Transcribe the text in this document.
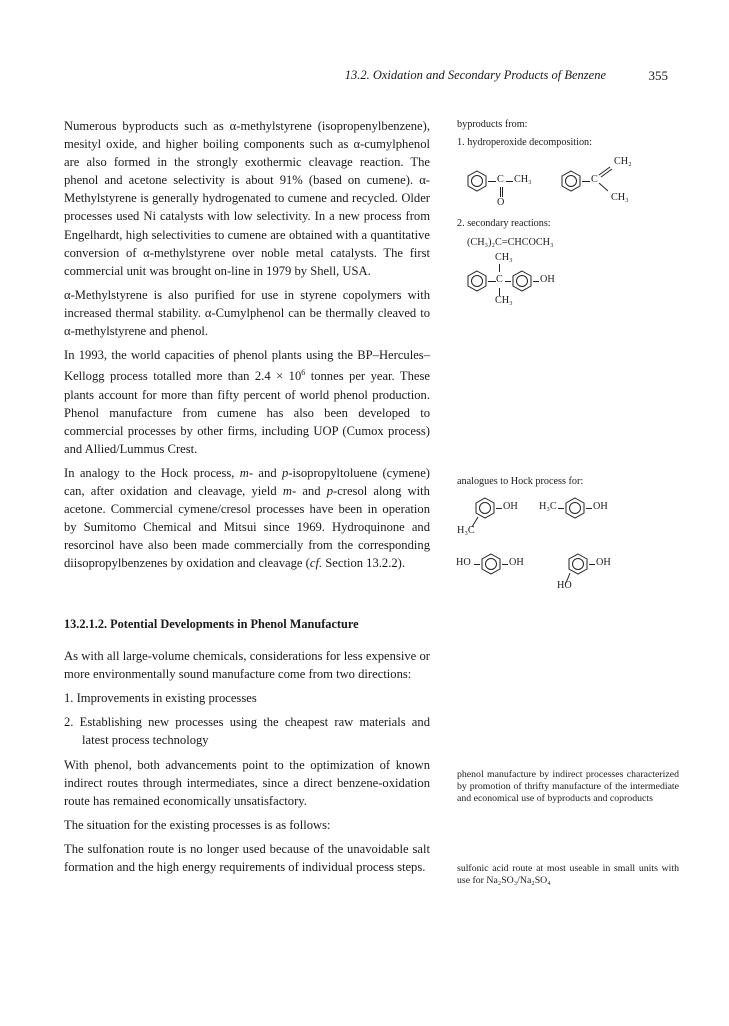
13.2. Oxidation and Secondary Products of Benzene	355

Numerous byproducts such as α-methylstyrene (isopropenylbenzene), mesityl oxide, and higher boiling components such as α-cumylphenol are also formed in the strongly exothermic cleavage reaction. The phenol and acetone selectivity is about 91% (based on cumene). α-Methylstyrene is generally hydrogenated to cumene and recycled. Older processes used Ni catalysts with low selectivity. In a new process from Engelhardt, high selectivities to cumene are obtained with a quantitative conversion of α-methylstyrene over noble metal catalysts. The first commercial unit was brought on-line in 1979 by Shell, USA.

α-Methylstyrene is also purified for use in styrene copolymers with increased thermal stability. α-Cumylphenol can be thermally cleaved to α-methylstyrene and phenol.

In 1993, the world capacities of phenol plants using the BP–Hercules–Kellogg process totalled more than $2.4 \times 10^6$ tonnes per year. These plants account for more than fifty percent of world phenol production. Phenol manufacture from cumene has also been developed to commercial processes by other firms, including UOP (Cumox process) and Allied/Lummus Crest.

In analogy to the Hock process, m- and p-isopropyltoluene (cymene) can, after oxidation and cleavage, yield m- and p-cresol along with acetone. Commercial cymene/cresol processes have been in operation by Sumitomo Chemical and Mitsui since 1969. Hydroquinone and resorcinol have also been made commercially from the corresponding diisopropylbenzenes by oxidation and cleavage (cf. Section 13.2.2).

13.2.1.2. Potential Developments in Phenol Manufacture

As with all large-volume chemicals, considerations for less expensive or more environmentally sound manufacture come from two directions:

1. Improvements in existing processes
2. Establishing new processes using the cheapest raw materials and latest process technology

With phenol, both advancements point to the optimization of known indirect routes through intermediates, since a direct benzene-oxidation route has remained economically unsatisfactory.

The situation for the existing processes is as follows:

The sulfonation route is no longer used because of the unavoidable salt formation and the high energy requirements of individual process steps.

byproducts from:
1. hydroperoxide decomposition:
C CH₃
O
C
CH₂
CH₃
2. secondary reactions:
(CH₃)₂C=CHCOCH₃
CH₃
C	OH
CH₃
analogues to Hock process for:
OH
H₃C
H₃C	OH
HO	OH	OH
HO
phenol manufacture by indirect processes characterized by promotion of thrifty manufacture of the intermediate and economical use of byproducts and coproducts
sulfonic acid route at most useable in small units with use for Na₂SO₃/Na₂SO₄
